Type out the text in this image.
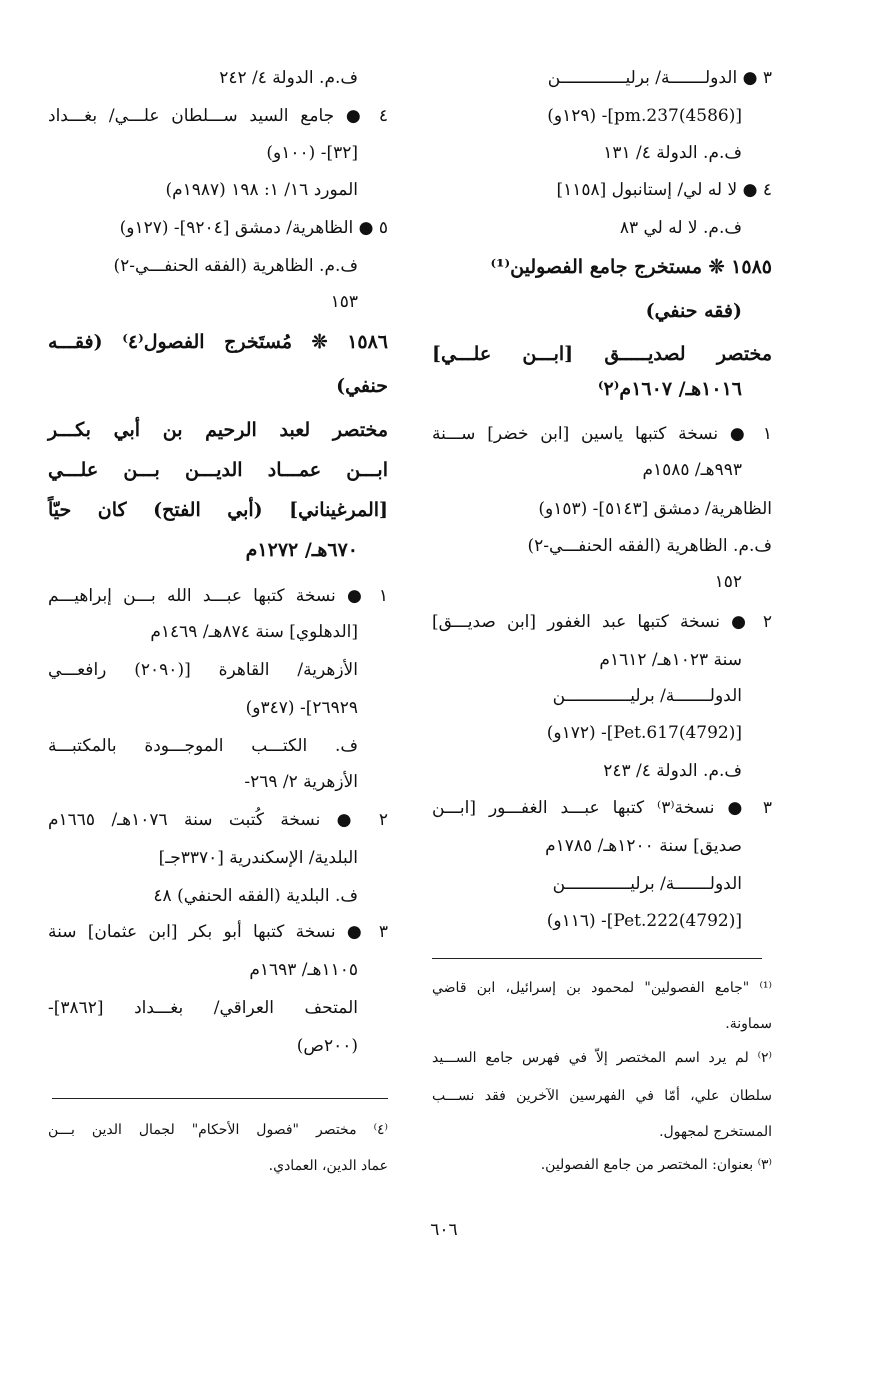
٣ ● الدولـــــــة/ برليـــــــــــــن
[(4586)pm.237]- (١٢٩و)
ف.م. الدولة ٤/ ١٣١
٤ ● لا له لي/ إستانبول [١١٥٨]
ف.م. لا له لي ٨٣
١٥٨٥ ❊ مستخرج جامع الفصولين⁽¹⁾
(فقه حنفي)
مختصر لصديـــــق [ابـــن علـــي]
١٠١٦هـ/ ١٦٠٧م⁽٢⁾
١ ● نسخة كتبها ياسين [ابن خضر] ســـنة
٩٩٣هـ/ ١٥٨٥م
الظاهرية/ دمشق [٥١٤٣]- (١٥٣و)
ف.م. الظاهرية (الفقه الحنفـــي-٢)
١٥٢
٢ ● نسخة كتبها عبد الغفور [ابن صديـــق]
سنة ١٠٢٣هـ/ ١٦١٢م
الدولـــــــة/ برليـــــــــــــن
[(4792)Pet.617]- (١٧٢و)
ف.م. الدولة ٤/ ٢٤٣
٣ ● نسخة⁽٣⁾ كتبها عبـــد الغفـــور [ابـــن
صديق] سنة ١٢٠٠هـ/ ١٧٨٥م
الدولـــــــة/ برليـــــــــــــن
[(4792)Pet.222]- (١١٦و)
⁽¹⁾ "جامع الفصولين" لمحمود بن إسرائيل، ابن قاضي
سماونة.
⁽٢⁾ لم يرد اسم المختصر إلاّ في فهرس جامع الســـيد
سلطان علي، أمّا في الفهرسين الآخرين فقد نســـب
المستخرج لمجهول.
⁽٣⁾ بعنوان: المختصر من جامع الفصولين.
ف.م. الدولة ٤/ ٢٤٢
٤ ● جامع السيد ســـلطان علـــي/ بغـــداد
[٣٢]- (١٠٠و)
المورد ١٦/ ١: ١٩٨ (١٩٨٧م)
٥ ● الظاهرية/ دمشق [٩٢٠٤]- (١٢٧و)
ف.م. الظاهرية (الفقه الحنفـــي-٢)
١٥٣
١٥٨٦ ❊ مُستَخرج الفصول⁽٤⁾ (فقـــه
حنفي)
مختصر لعبد الرحيم بن أبي بكـــر
ابـــن عمـــاد الديـــن بـــن علـــي
[المرغيناني] (أبي الفتح) كان حيّاً
٦٧٠هـ/ ١٢٧٢م
١ ● نسخة كتبها عبـــد الله بـــن إبراهيـــم
[الدهلوي] سنة ٨٧٤هـ/ ١٤٦٩م
الأزهرية/ القاهرة [(٢٠٩٠) رافعـــي
٢٦٩٢٩]- (٣٤٧و)
ف. الكتـــب الموجـــودة بالمكتبـــة
الأزهرية ٢/ ٢٦٩-
٢ ● نسخة كُتبت سنة ١٠٧٦هـ/ ١٦٦٥م
البلدية/ الإسكندرية [٣٣٧٠جـ]
ف. البلدية (الفقه الحنفي) ٤٨
٣ ● نسخة كتبها أبو بكر [ابن عثمان] سنة
١١٠٥هـ/ ١٦٩٣م
المتحف العراقي/ بغـــداد [٣٨٦٢]-
(٢٠٠ص)
⁽٤⁾ مختصر "فصول الأحكام" لجمال الدين بـــن
عماد الدين، العمادي.
٦٠٦
